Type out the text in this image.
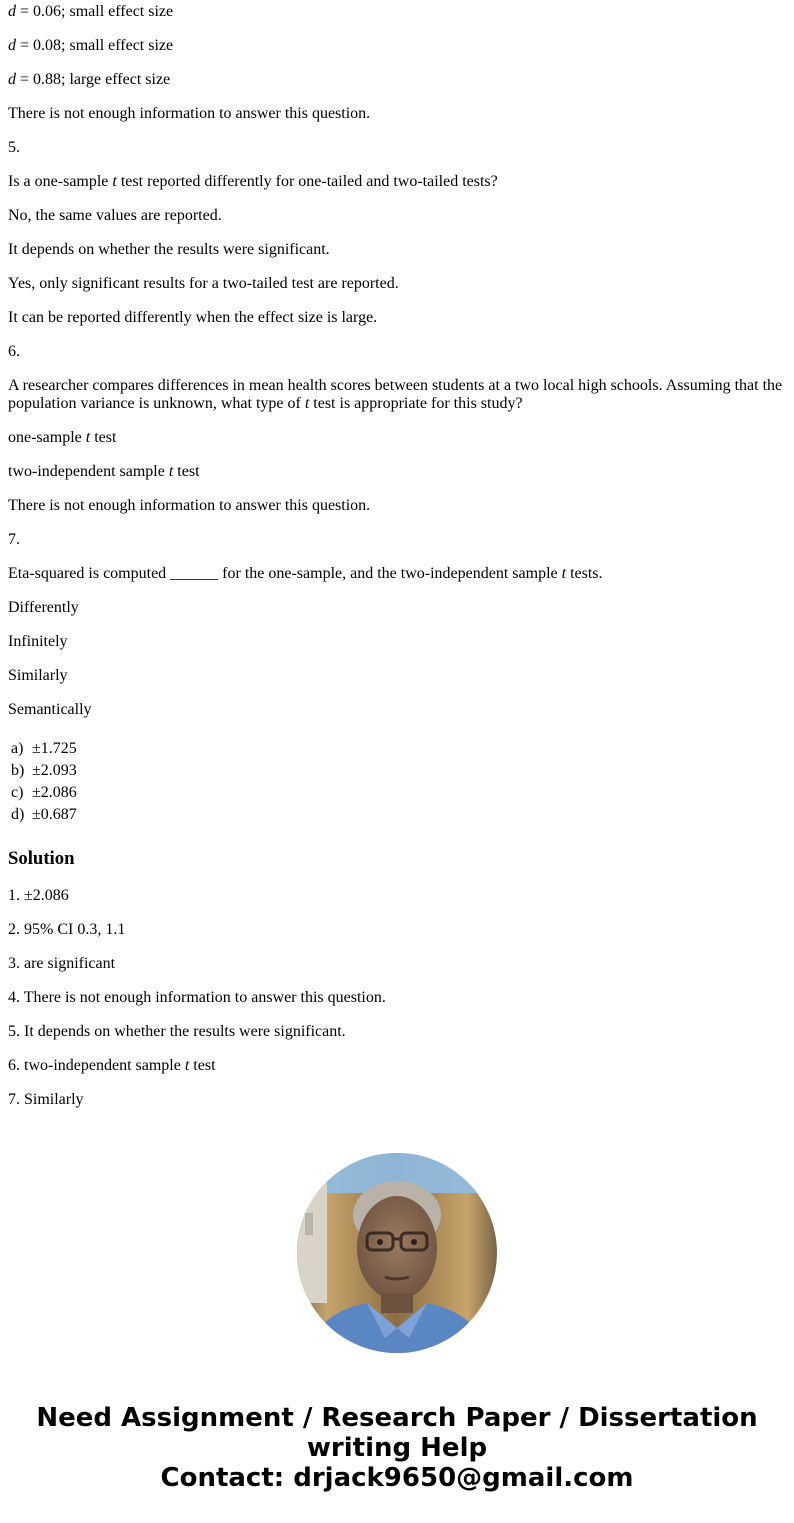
d = 0.06; small effect size

d = 0.08; small effect size

d = 0.88; large effect size

There is not enough information to answer this question.

5.

Is a one-sample t test reported differently for one-tailed and two-tailed tests?

No, the same values are reported.

It depends on whether the results were significant.

Yes, only significant results for a two-tailed test are reported.

It can be reported differently when the effect size is large.

6.

A researcher compares differences in mean health scores between students at a two local high schools. Assuming that the population variance is unknown, what type of t test is appropriate for this study?

one-sample t test

two-independent sample t test

There is not enough information to answer this question.

7.

Eta-squared is computed ______ for the one-sample, and the two-independent sample t tests.

Differently

Infinitely

Similarly

Semantically

a) ±1.725
b) ±2.093
c) ±2.086
d) ±0.687
Solution

1. ±2.086

2. 95% CI 0.3, 1.1

3. are significant

4. There is not enough information to answer this question.

5. It depends on whether the results were significant.

6. two-independent sample t test

7. Similarly

Need Assignment / Research Paper / Dissertation
writing Help
Contact: drjack9650@gmail.com
